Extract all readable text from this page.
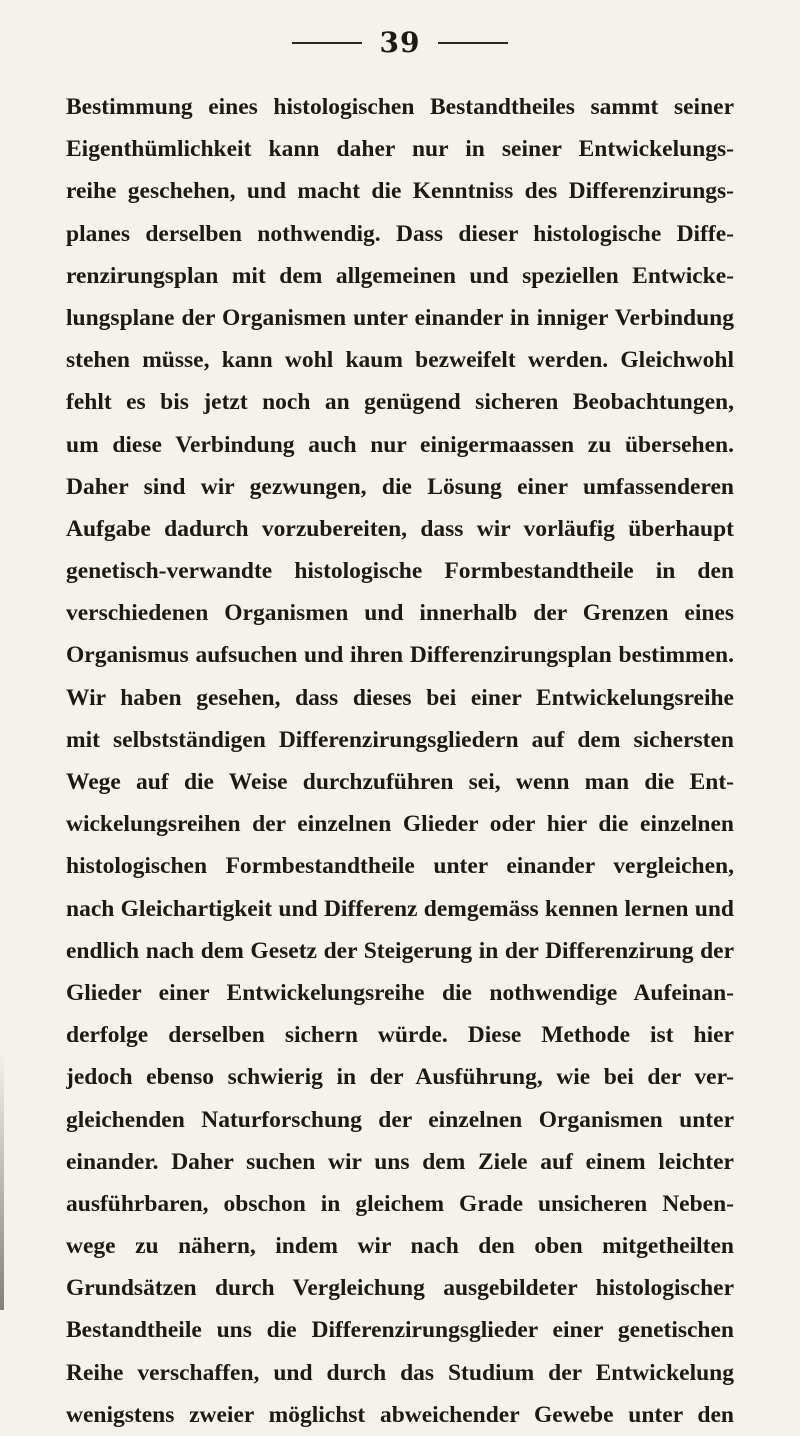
39
Bestimmung eines histologischen Bestandtheiles sammt seiner
Eigenthümlichkeit kann daher nur in seiner Entwickelungs-
reihe geschehen, und macht die Kenntniss des Differenzirungs-
planes derselben nothwendig. Dass dieser histologische Diffe-
renzirungsplan mit dem allgemeinen und speziellen Entwicke-
lungsplane der Organismen unter einander in inniger Verbindung
stehen müsse, kann wohl kaum bezweifelt werden. Gleichwohl
fehlt es bis jetzt noch an genügend sicheren Beobachtungen,
um diese Verbindung auch nur einigermaassen zu übersehen.
Daher sind wir gezwungen, die Lösung einer umfassenderen
Aufgabe dadurch vorzubereiten, dass wir vorläufig überhaupt
genetisch-verwandte histologische Formbestandtheile in den
verschiedenen Organismen und innerhalb der Grenzen eines
Organismus aufsuchen und ihren Differenzirungsplan bestimmen.
Wir haben gesehen, dass dieses bei einer Entwickelungsreihe
mit selbstständigen Differenzirungsgliedern auf dem sichersten
Wege auf die Weise durchzuführen sei, wenn man die Ent-
wickelungsreihen der einzelnen Glieder oder hier die einzelnen
histologischen Formbestandtheile unter einander vergleichen,
nach Gleichartigkeit und Differenz demgemäss kennen lernen und
endlich nach dem Gesetz der Steigerung in der Differenzirung der
Glieder einer Entwickelungsreihe die nothwendige Aufeinan-
derfolge derselben sichern würde. Diese Methode ist hier
jedoch ebenso schwierig in der Ausführung, wie bei der ver-
gleichenden Naturforschung der einzelnen Organismen unter
einander. Daher suchen wir uns dem Ziele auf einem leichter
ausführbaren, obschon in gleichem Grade unsicheren Neben-
wege zu nähern, indem wir nach den oben mitgetheilten
Grundsätzen durch Vergleichung ausgebildeter histologischer
Bestandtheile uns die Differenzirungsglieder einer genetischen
Reihe verschaffen, und durch das Studium der Entwickelung
wenigstens zweier möglichst abweichender Gewebe unter den
